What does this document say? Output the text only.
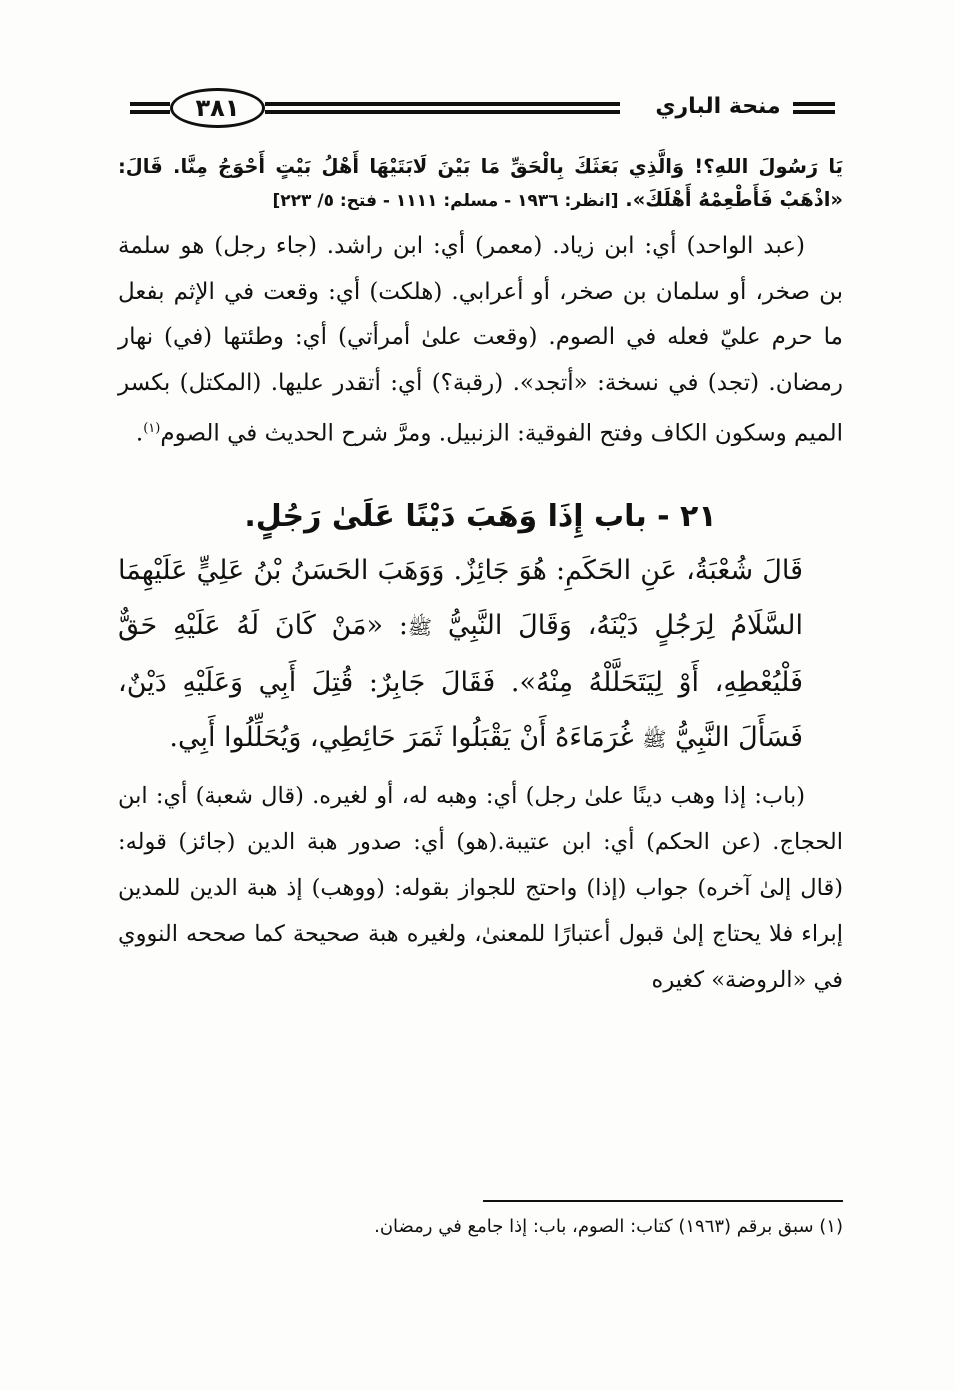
٣٨١	منحة الباري
يَا رَسُولَ اللهِ؟! وَالَّذِي بَعَثَكَ بِالْحَقِّ مَا بَيْنَ لَابَتَيْهَا أَهْلُ بَيْتٍ أَحْوَجُ مِنَّا. قَالَ: «اذْهَبْ فَأَطْعِمْهُ أَهْلَكَ». [انظر: ١٩٣٦ - مسلم: ١١١١ - فتح: ٥/ ٢٢٣]

(عبد الواحد) أي: ابن زياد. (معمر) أي: ابن راشد. (جاء رجل) هو سلمة بن صخر، أو سلمان بن صخر، أو أعرابي. (هلكت) أي: وقعت في الإثم بفعل ما حرم عليّ فعله في الصوم. (وقعت علىٰ أمرأتي) أي: وطئتها (في) نهار رمضان. (تجد) في نسخة: «أتجد». (رقبة؟) أي: أتقدر عليها. (المكتل) بكسر الميم وسكون الكاف وفتح الفوقية: الزنبيل. ومرَّ شرح الحديث في الصوم$^{(١)}$.

٢١ - باب إِذَا وَهَبَ دَيْنًا عَلَىٰ رَجُلٍ.
قَالَ شُعْبَةُ، عَنِ الحَكَمِ: هُوَ جَائِزٌ. وَوَهَبَ الحَسَنُ بْنُ عَلِيٍّ عَلَيْهِمَا السَّلَامُ لِرَجُلٍ دَيْنَهُ، وَقَالَ النَّبِيُّ ﷺ: «مَنْ كَانَ لَهُ عَلَيْهِ حَقٌّ فَلْيُعْطِهِ، أَوْ لِيَتَحَلَّلْهُ مِنْهُ». فَقَالَ جَابِرٌ: قُتِلَ أَبِي وَعَلَيْهِ دَيْنٌ، فَسَأَلَ النَّبِيُّ ﷺ غُرَمَاءَهُ أَنْ يَقْبَلُوا ثَمَرَ حَائِطِي، وَيُحَلِّلُوا أَبِي.
(باب: إذا وهب دينًا علىٰ رجل) أي: وهبه له، أو لغيره. (قال شعبة) أي: ابن الحجاج. (عن الحكم) أي: ابن عتيبة.(هو) أي: صدور هبة الدين (جائز) قوله: (قال إلىٰ آخره) جواب (إذا) واحتج للجواز بقوله: (ووهب) إذ هبة الدين للمدين إبراء فلا يحتاج إلىٰ قبول أعتبارًا للمعنىٰ، ولغيره هبة صحيحة كما صححه النووي في «الروضة» كغيره
(١) سبق برقم (١٩٦٣) كتاب: الصوم، باب: إذا جامع في رمضان.
